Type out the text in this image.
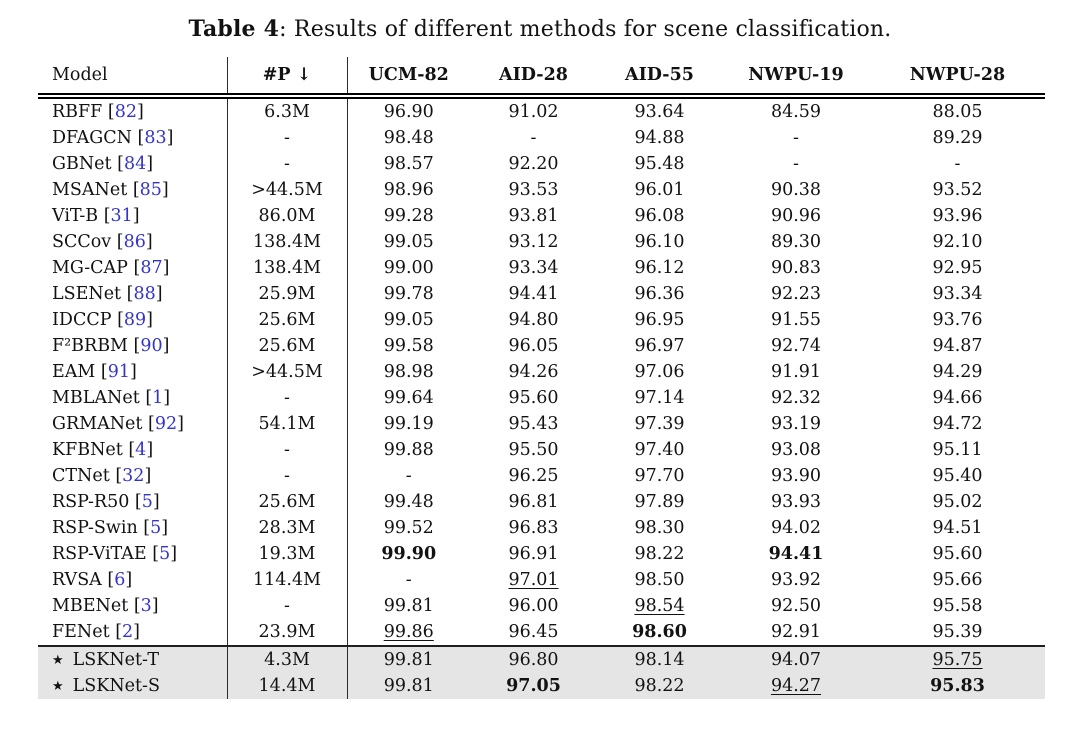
Table 4: Results of different methods for scene classification.
Model	#P ↓	UCM-82	AID-28	AID-55	NWPU-19	NWPU-28
RBFF [82]	6.3M	96.90	91.02	93.64	84.59	88.05
DFAGCN [83]	-	98.48	-	94.88	-	89.29
GBNet [84]	-	98.57	92.20	95.48	-	-
MSANet [85]	>44.5M	98.96	93.53	96.01	90.38	93.52
ViT-B [31]	86.0M	99.28	93.81	96.08	90.96	93.96
SCCov [86]	138.4M	99.05	93.12	96.10	89.30	92.10
MG-CAP [87]	138.4M	99.00	93.34	96.12	90.83	92.95
LSENet [88]	25.9M	99.78	94.41	96.36	92.23	93.34
IDCCP [89]	25.6M	99.05	94.80	96.95	91.55	93.76
F²BRBM [90]	25.6M	99.58	96.05	96.97	92.74	94.87
EAM [91]	>44.5M	98.98	94.26	97.06	91.91	94.29
MBLANet [1]	-	99.64	95.60	97.14	92.32	94.66
GRMANet [92]	54.1M	99.19	95.43	97.39	93.19	94.72
KFBNet [4]	-	99.88	95.50	97.40	93.08	95.11
CTNet [32]	-	-	96.25	97.70	93.90	95.40
RSP-R50 [5]	25.6M	99.48	96.81	97.89	93.93	95.02
RSP-Swin [5]	28.3M	99.52	96.83	98.30	94.02	94.51
RSP-ViTAE [5]	19.3M	99.90	96.91	98.22	94.41	95.60
RVSA [6]	114.4M	-	97.01	98.50	93.92	95.66
MBENet [3]	-	99.81	96.00	98.54	92.50	95.58
FENet [2]	23.9M	99.86	96.45	98.60	92.91	95.39
★ LSKNet-T	4.3M	99.81	96.80	98.14	94.07	95.75
★ LSKNet-S	14.4M	99.81	97.05	98.22	94.27	95.83
